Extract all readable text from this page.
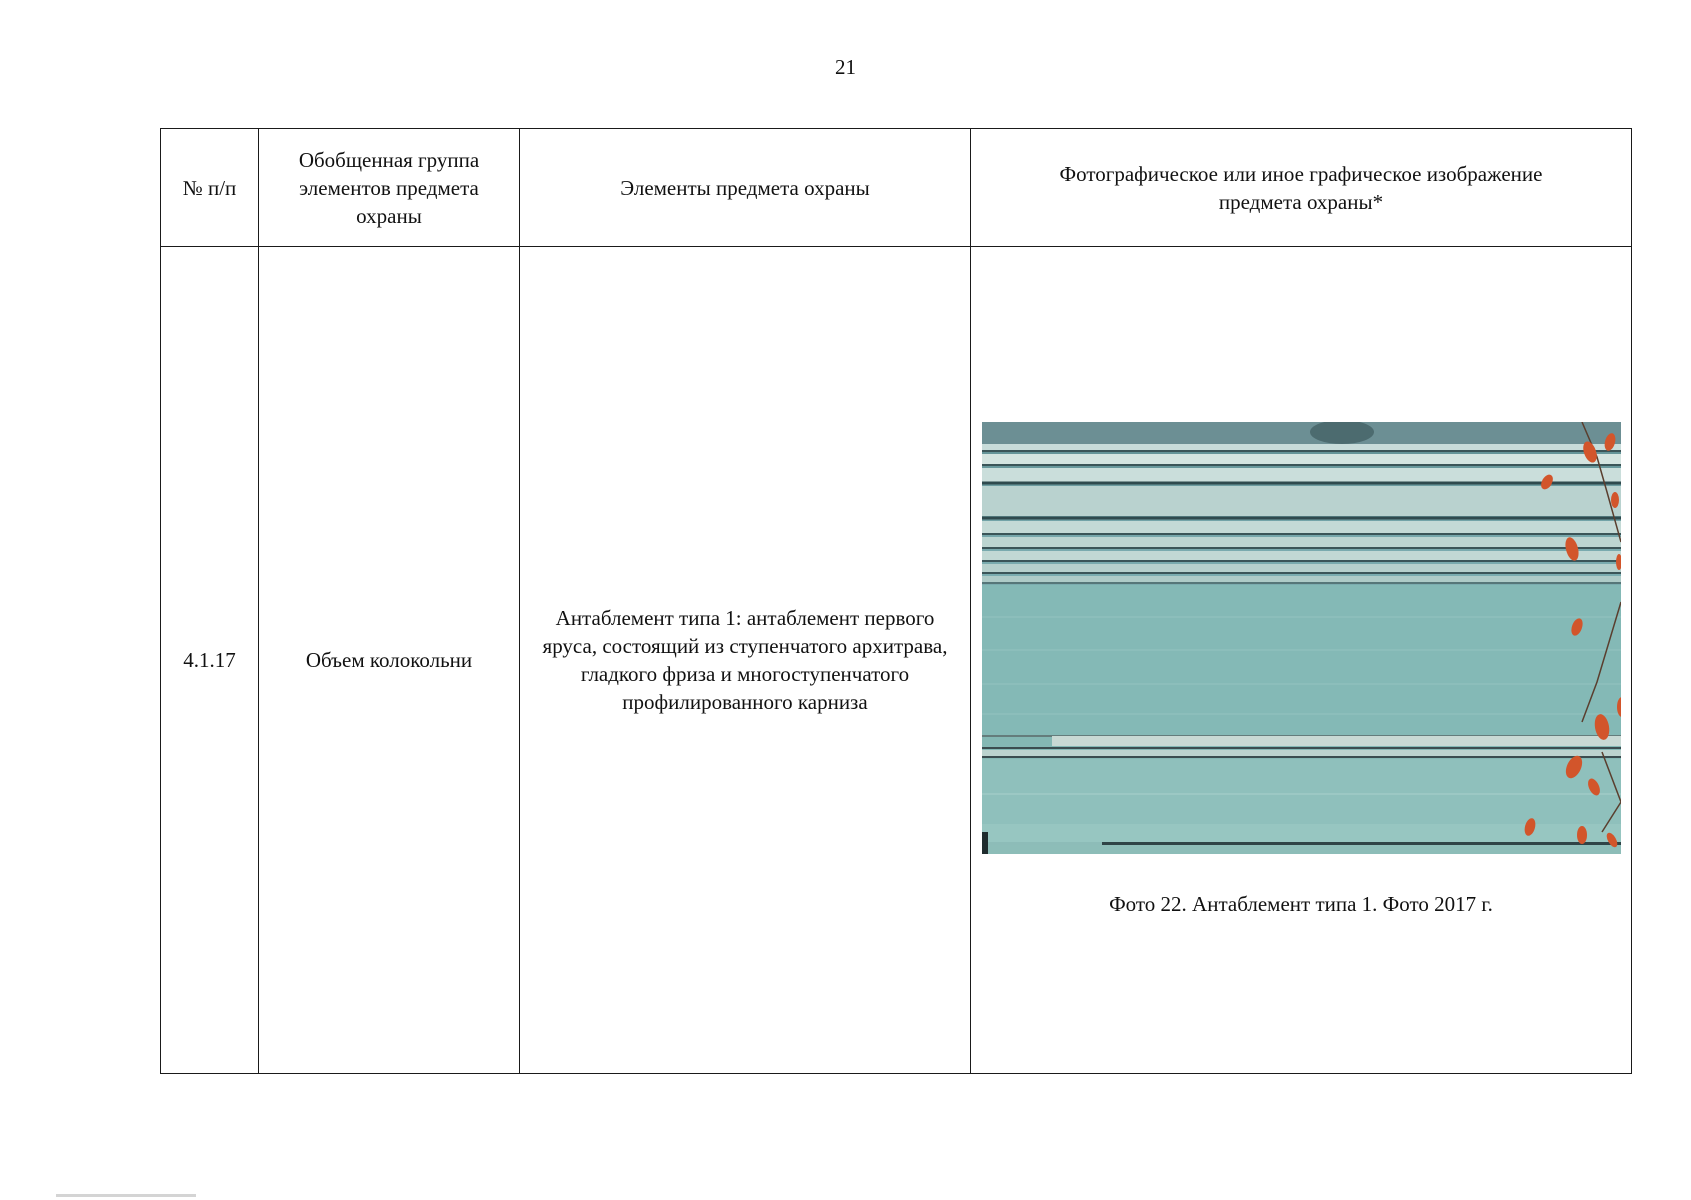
21
№ п/п	Обобщенная группа элементов предмета охраны	Элементы предмета охраны	Фотографическое или иное графическое изображение предмета охраны*

4.1.17	Объем колокольни	Антаблемент типа 1: антаблемент первого яруса, состоящий из ступенчатого архитрава, гладкого фриза и многоступенчатого профилированного карниза	Фото 22. Антаблемент типа 1. Фото 2017 г.
